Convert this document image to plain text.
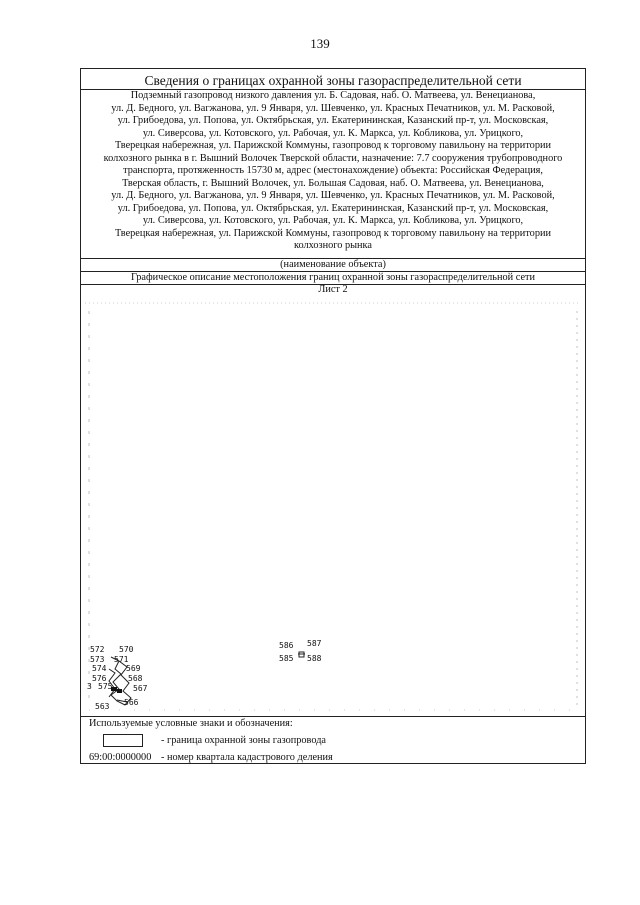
139
Сведения о границах охранной зоны газораспределительной сети
Подземный газопровод низкого давления ул. Б. Садовая, наб. О. Матвеева, ул. Венецианова,
ул. Д. Бедного, ул. Вагжанова, ул. 9 Января, ул. Шевченко, ул. Красных Печатников, ул. М. Расковой,
ул. Грибоедова, ул. Попова, ул. Октябрьская, ул. Екатерининская, Казанский пр-т, ул. Московская,
ул. Сиверсова, ул. Котовского, ул. Рабочая, ул. К. Маркса, ул. Кобликова, ул. Урицкого,
Тверецкая набережная, ул. Парижской Коммуны, газопровод к торговому павильону на территории
колхозного рынка в г. Вышний Волочек Тверской области, назначение: 7.7 сооружения трубопроводного
транспорта, протяженность 15730 м, адрес (местонахождение) объекта: Российская Федерация,
Тверская область, г. Вышний Волочек, ул. Большая Садовая, наб. О. Матвеева, ул. Венецианова,
ул. Д. Бедного, ул. Вагжанова, ул. 9 Января, ул. Шевченко, ул. Красных Печатников, ул. М. Расковой,
ул. Грибоедова, ул. Попова, ул. Октябрьская, ул. Екатерининская, Казанский пр-т, ул. Московская,
ул. Сиверсова, ул. Котовского, ул. Рабочая, ул. К. Маркса, ул. Кобликова, ул. Урицкого,
Тверецкая набережная, ул. Парижской Коммуны, газопровод к торговому павильону на территории
колхозного рынка
(наименование объекта)
Графическое описание местоположения границ охранной зоны газораспределительной сети
Лист 2
572 570
573 571
574 569
576	568
3 575	567
563 566
586 587
585 588
Используемые условные знаки и обозначения:
- граница охранной зоны газопровода
69:00:0000000 - номер квартала кадастрового деления
